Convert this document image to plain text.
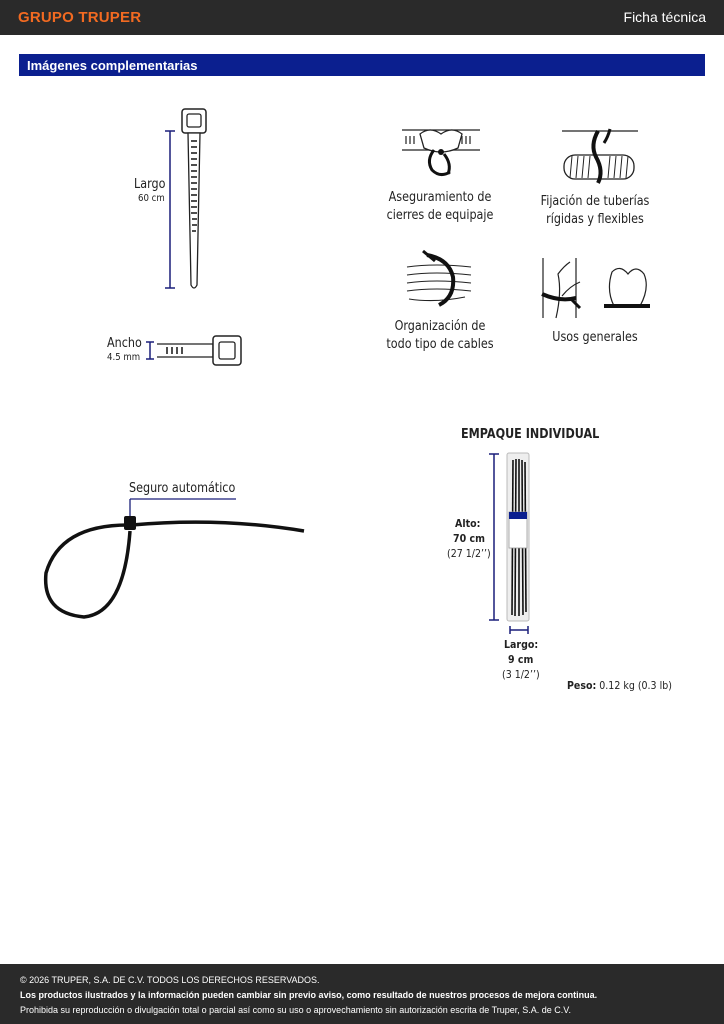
GRUPO TRUPER	Ficha técnica
Imágenes complementarias
Largo
60 cm
Ancho
4.5 mm
Aseguramiento de
cierres de equipaje
Fijación de tuberías
rígidas y flexibles
Organización de
todo tipo de cables	Usos generales
Seguro automático
EMPAQUE INDIVIDUAL
Alto:
70 cm
(27 1/2’’)
Largo:
9 cm
(3 1/2’’)
Peso: 0.12 kg (0.3 lb)
© 2026 TRUPER, S.A. DE C.V. TODOS LOS DERECHOS RESERVADOS.
Los productos ilustrados y la información pueden cambiar sin previo aviso, como resultado de nuestros procesos de mejora continua.
Prohibida su reproducción o divulgación total o parcial así como su uso o aprovechamiento sin autorización escrita de Truper, S.A. de C.V.
